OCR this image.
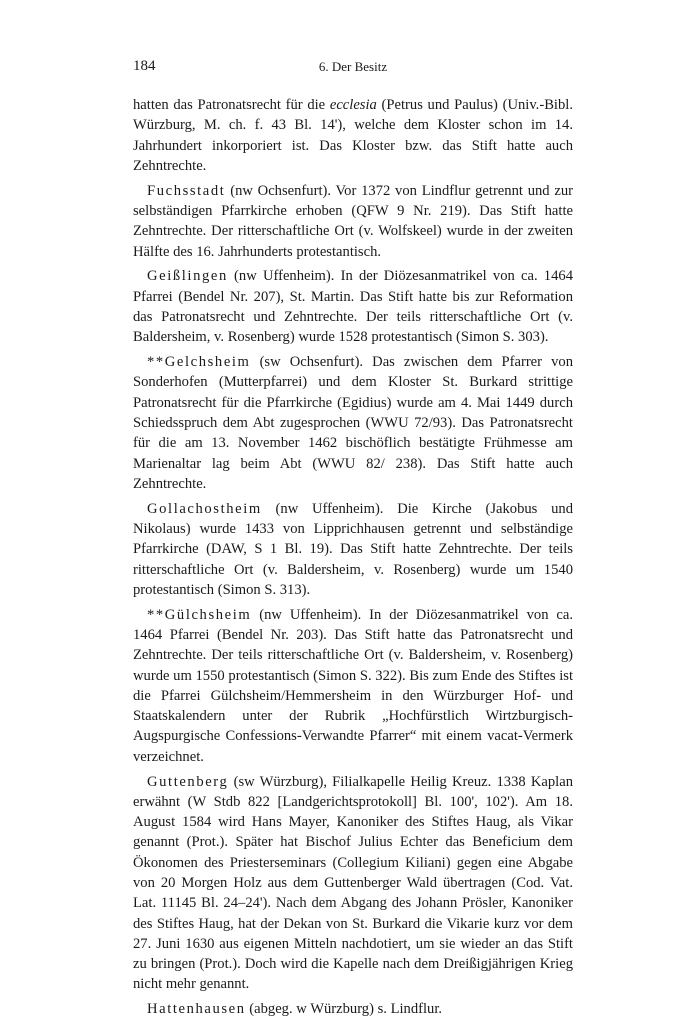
184	6. Der Besitz

hatten das Patronatsrecht für die ecclesia (Petrus und Paulus) (Univ.-Bibl. Würzburg, M. ch. f. 43 Bl. 14'), welche dem Kloster schon im 14. Jahrhundert inkorporiert ist. Das Kloster bzw. das Stift hatte auch Zehntrechte.

Fuchsstadt (nw Ochsenfurt). Vor 1372 von Lindflur getrennt und zur selbständigen Pfarrkirche erhoben (QFW 9 Nr. 219). Das Stift hatte Zehntrechte. Der ritterschaftliche Ort (v. Wolfskeel) wurde in der zweiten Hälfte des 16. Jahrhunderts protestantisch.

Geißlingen (nw Uffenheim). In der Diözesanmatrikel von ca. 1464 Pfarrei (Bendel Nr. 207), St. Martin. Das Stift hatte bis zur Reformation das Patronatsrecht und Zehntrechte. Der teils ritterschaftliche Ort (v. Baldersheim, v. Rosenberg) wurde 1528 protestantisch (Simon S. 303).

**Gelchsheim (sw Ochsenfurt). Das zwischen dem Pfarrer von Sonderhofen (Mutterpfarrei) und dem Kloster St. Burkard strittige Patronatsrecht für die Pfarrkirche (Egidius) wurde am 4. Mai 1449 durch Schiedsspruch dem Abt zugesprochen (WWU 72/93). Das Patronatsrecht für die am 13. November 1462 bischöflich bestätigte Frühmesse am Marienaltar lag beim Abt (WWU 82/ 238). Das Stift hatte auch Zehntrechte.

Gollachostheim (nw Uffenheim). Die Kirche (Jakobus und Nikolaus) wurde 1433 von Lipprichhausen getrennt und selbständige Pfarrkirche (DAW, S 1 Bl. 19). Das Stift hatte Zehntrechte. Der teils ritterschaftliche Ort (v. Baldersheim, v. Rosenberg) wurde um 1540 protestantisch (Simon S. 313).

**Gülchsheim (nw Uffenheim). In der Diözesanmatrikel von ca. 1464 Pfarrei (Bendel Nr. 203). Das Stift hatte das Patronatsrecht und Zehntrechte. Der teils ritterschaftliche Ort (v. Baldersheim, v. Rosenberg) wurde um 1550 protestantisch (Simon S. 322). Bis zum Ende des Stiftes ist die Pfarrei Gülchsheim/Hemmersheim in den Würzburger Hof- und Staatskalendern unter der Rubrik „Hochfürstlich Wirtzburgisch-Augspurgische Confessions-Verwandte Pfarrer“ mit einem vacat-Vermerk verzeichnet.

Guttenberg (sw Würzburg), Filialkapelle Heilig Kreuz. 1338 Kaplan erwähnt (W Stdb 822 [Landgerichtsprotokoll] Bl. 100', 102'). Am 18. August 1584 wird Hans Mayer, Kanoniker des Stiftes Haug, als Vikar genannt (Prot.). Später hat Bischof Julius Echter das Beneficium dem Ökonomen des Priesterseminars (Collegium Kiliani) gegen eine Abgabe von 20 Morgen Holz aus dem Guttenberger Wald übertragen (Cod. Vat. Lat. 11145 Bl. 24–24'). Nach dem Abgang des Johann Prösler, Kanoniker des Stiftes Haug, hat der Dekan von St. Burkard die Vikarie kurz vor dem 27. Juni 1630 aus eigenen Mitteln nachdotiert, um sie wieder an das Stift zu bringen (Prot.). Doch wird die Kapelle nach dem Dreißigjährigen Krieg nicht mehr genannt.

Hattenhausen (abgeg. w Würzburg) s. Lindflur.
